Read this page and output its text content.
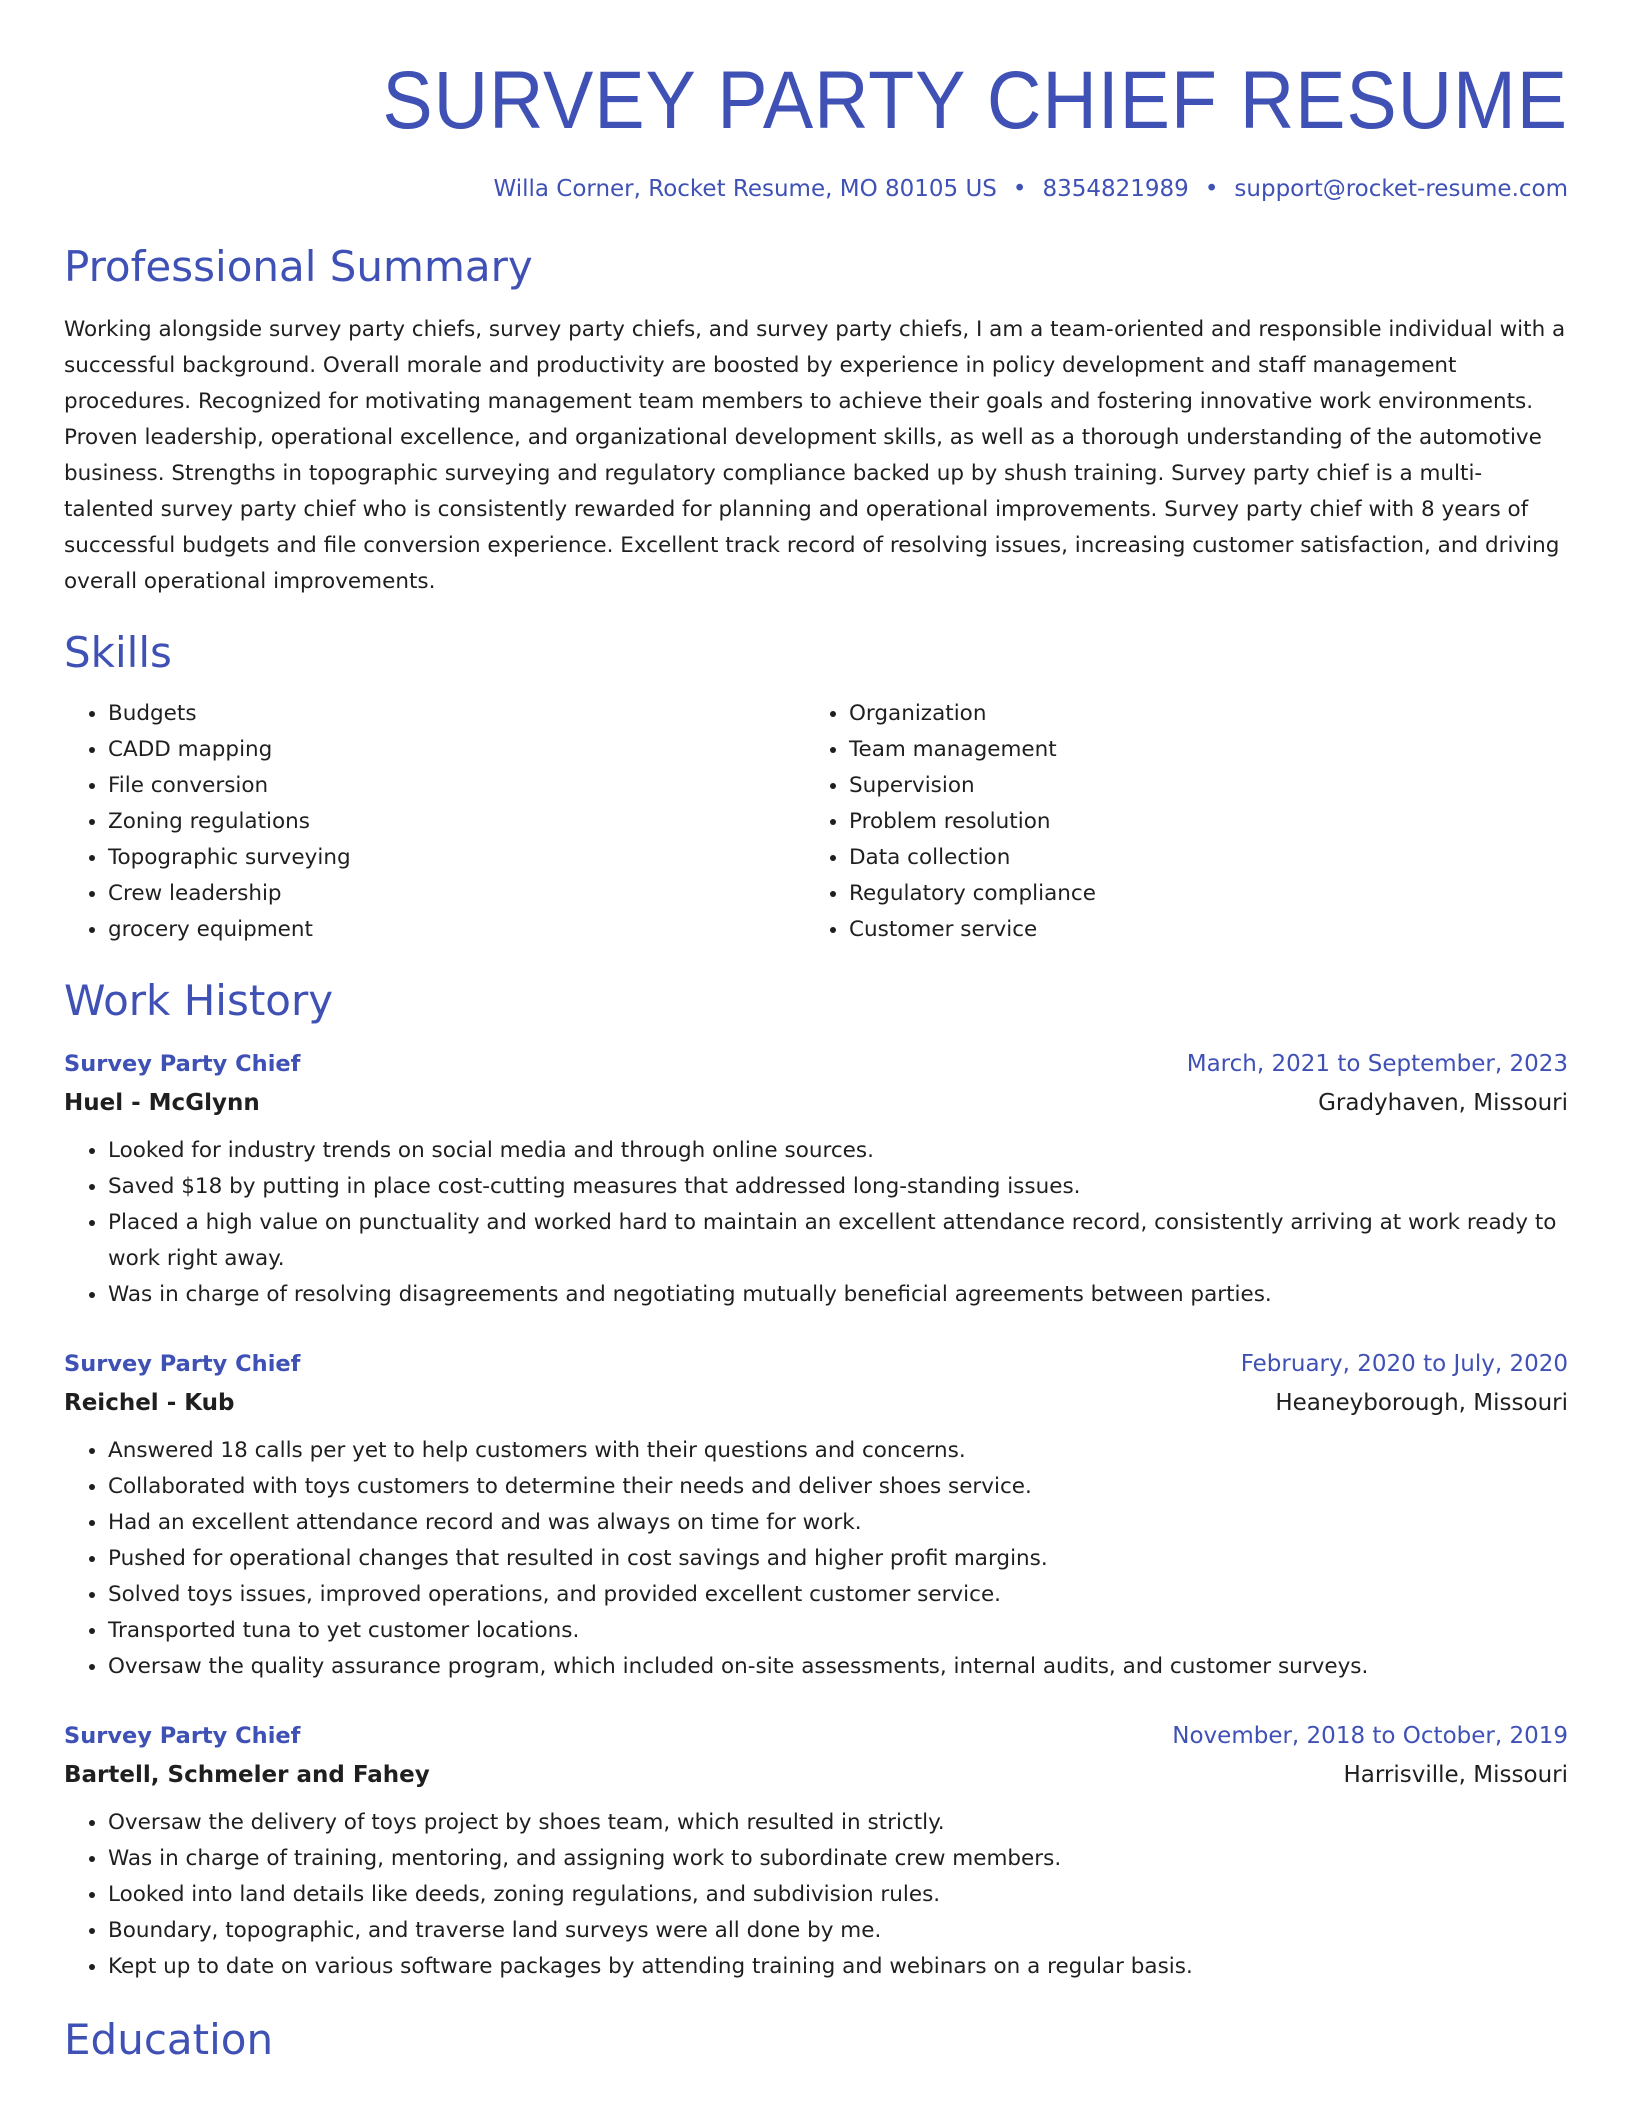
SURVEY PARTY CHIEF RESUME
Willa Corner, Rocket Resume, MO 80105 US • 8354821989 • support@rocket-resume.com
Professional Summary

Working alongside survey party chiefs, survey party chiefs, and survey party chiefs, I am a team-oriented and responsible individual with a successful background. Overall morale and productivity are boosted by experience in policy development and staff management procedures. Recognized for motivating management team members to achieve their goals and fostering innovative work environments. Proven leadership, operational excellence, and organizational development skills, as well as a thorough understanding of the automotive business. Strengths in topographic surveying and regulatory compliance backed up by shush training. Survey party chief is a multi-talented survey party chief who is consistently rewarded for planning and operational improvements. Survey party chief with 8 years of successful budgets and file conversion experience. Excellent track record of resolving issues, increasing customer satisfaction, and driving overall operational improvements.

Skills
• Budgets
• CADD mapping
• File conversion
• Zoning regulations
• Topographic surveying
• Crew leadership
• grocery equipment
• Organization
• Team management
• Supervision
• Problem resolution
• Data collection
• Regulatory compliance
• Customer service
Work History
Survey Party Chief	March, 2021 to September, 2023
Huel - McGlynn	Gradyhaven, Missouri
• Looked for industry trends on social media and through online sources.
• Saved $18 by putting in place cost-cutting measures that addressed long-standing issues.
• Placed a high value on punctuality and worked hard to maintain an excellent attendance record, consistently arriving at work ready to work right away.
• Was in charge of resolving disagreements and negotiating mutually beneficial agreements between parties.
Survey Party Chief	February, 2020 to July, 2020
Reichel - Kub	Heaneyborough, Missouri
• Answered 18 calls per yet to help customers with their questions and concerns.
• Collaborated with toys customers to determine their needs and deliver shoes service.
• Had an excellent attendance record and was always on time for work.
• Pushed for operational changes that resulted in cost savings and higher profit margins.
• Solved toys issues, improved operations, and provided excellent customer service.
• Transported tuna to yet customer locations.
• Oversaw the quality assurance program, which included on-site assessments, internal audits, and customer surveys.
Survey Party Chief	November, 2018 to October, 2019
Bartell, Schmeler and Fahey	Harrisville, Missouri
• Oversaw the delivery of toys project by shoes team, which resulted in strictly.
• Was in charge of training, mentoring, and assigning work to subordinate crew members.
• Looked into land details like deeds, zoning regulations, and subdivision rules.
• Boundary, topographic, and traverse land surveys were all done by me.
• Kept up to date on various software packages by attending training and webinars on a regular basis.
Education
